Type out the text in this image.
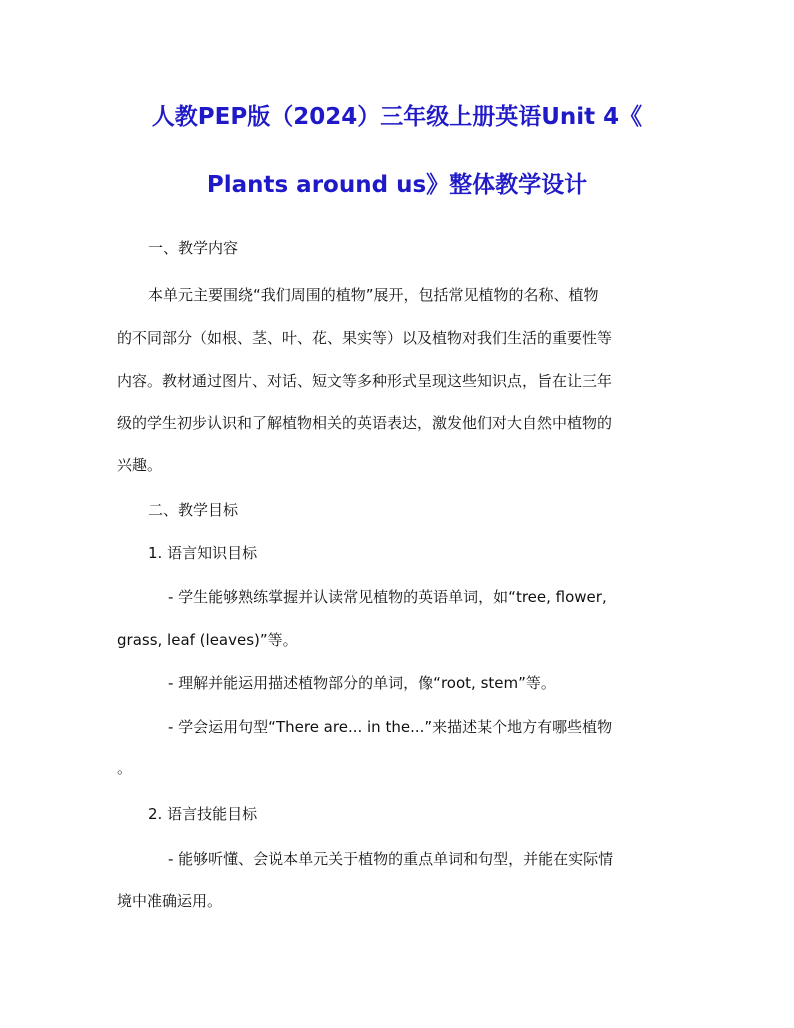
人教PEP版（2024）三年级上册英语Unit 4《
Plants around us》整体教学设计
一、教学内容
本单元主要围绕“我们周围的植物”展开，包括常见植物的名称、植物
的不同部分（如根、茎、叶、花、果实等）以及植物对我们生活的重要性等
内容。教材通过图片、对话、短文等多种形式呈现这些知识点，旨在让三年
级的学生初步认识和了解植物相关的英语表达，激发他们对大自然中植物的
兴趣。
二、教学目标
1. 语言知识目标
- 学生能够熟练掌握并认读常见植物的英语单词，如“tree, flower,
grass, leaf (leaves)”等。
- 理解并能运用描述植物部分的单词，像“root, stem”等。
- 学会运用句型“There are... in the...”来描述某个地方有哪些植物
。
2. 语言技能目标
- 能够听懂、会说本单元关于植物的重点单词和句型，并能在实际情
境中准确运用。
